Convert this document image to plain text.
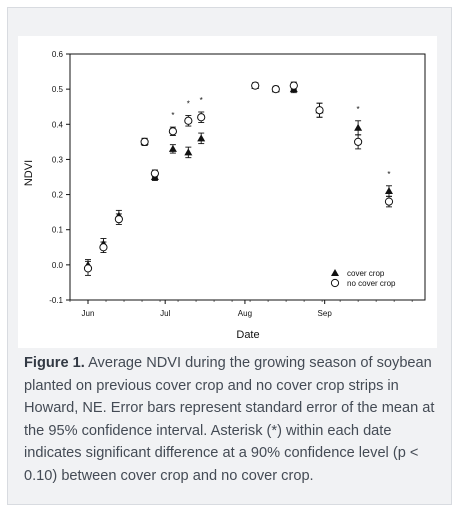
-0.1
0.0
0.1
0.2
0.3
0.4
0.5
0.6
Jun	Jul	Aug	Sep
*
* *
*
*
cover crop
no cover crop
Date
NDVI
Figure 1. Average NDVI during the growing season of soybean planted on previous cover crop and no cover crop strips in Howard, NE. Error bars represent standard error of the mean at the 95% confidence interval. Asterisk (*) within each date indicates significant difference at a 90% confidence level (p < 0.10) between cover crop and no cover crop.
